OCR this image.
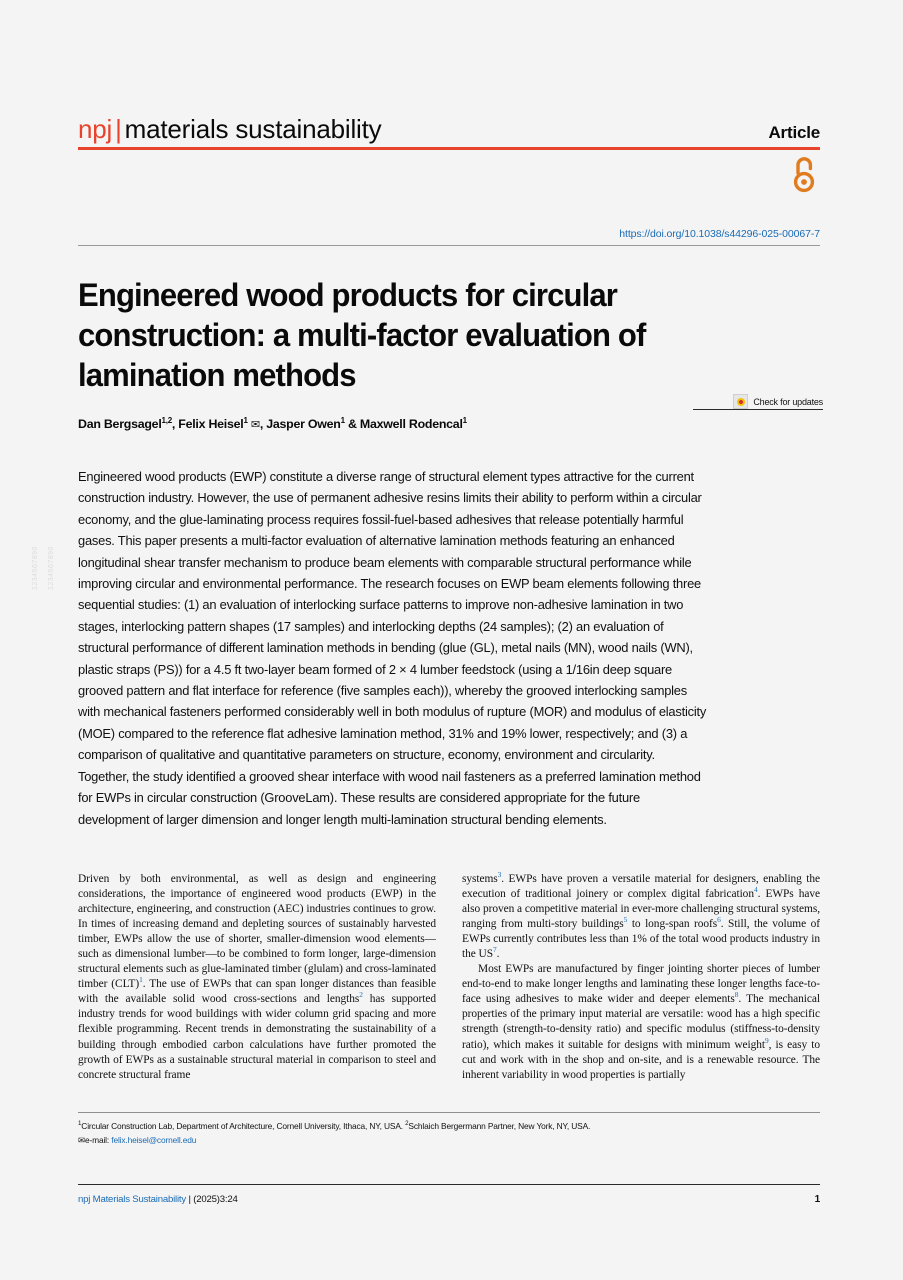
1234567890 1234567890
npj | materials sustainability	Article
https://doi.org/10.1038/s44296-025-00067-7
Engineered wood products for circular construction: a multi-factor evaluation of lamination methods
Check for updates
Dan Bergsagel$^{1,2}$, Felix Heisel$^1$ ✉, Jasper Owen$^1$ & Maxwell Rodencal$^1$
Engineered wood products (EWP) constitute a diverse range of structural element types attractive for the current construction industry. However, the use of permanent adhesive resins limits their ability to perform within a circular economy, and the glue-laminating process requires fossil-fuel-based adhesives that release potentially harmful gases. This paper presents a multi-factor evaluation of alternative lamination methods featuring an enhanced longitudinal shear transfer mechanism to produce beam elements with comparable structural performance while improving circular and environmental performance. The research focuses on EWP beam elements following three sequential studies: (1) an evaluation of interlocking surface patterns to improve non-adhesive lamination in two stages, interlocking pattern shapes (17 samples) and interlocking depths (24 samples); (2) an evaluation of structural performance of different lamination methods in bending (glue (GL), metal nails (MN), wood nails (WN), plastic straps (PS)) for a 4.5 ft two-layer beam formed of 2 × 4 lumber feedstock (using a 1/16in deep square grooved pattern and flat interface for reference (five samples each)), whereby the grooved interlocking samples with mechanical fasteners performed considerably well in both modulus of rupture (MOR) and modulus of elasticity (MOE) compared to the reference flat adhesive lamination method, 31% and 19% lower, respectively; and (3) a comparison of qualitative and quantitative parameters on structure, economy, environment and circularity. Together, the study identified a grooved shear interface with wood nail fasteners as a preferred lamination method for EWPs in circular construction (GrooveLam). These results are considered appropriate for the future development of larger dimension and longer length multi-lamination structural bending elements.

Driven by both environmental, as well as design and engineering considerations, the importance of engineered wood products (EWP) in the architecture, engineering, and construction (AEC) industries continues to grow. In times of increasing demand and depleting sources of sustainably harvested timber, EWPs allow the use of shorter, smaller-dimension wood elements—such as dimensional lumber—to be combined to form longer, large-dimension structural elements such as glue-laminated timber (glulam) and cross-laminated timber (CLT)$^1$. The use of EWPs that can span longer distances than feasible with the available solid wood cross-sections and lengths$^2$ has supported industry trends for wood buildings with wider column grid spacing and more flexible programming. Recent trends in demonstrating the sustainability of a building through embodied carbon calculations have further promoted the growth of EWPs as a sustainable structural material in comparison to steel and concrete structural frame

systems$^3$. EWPs have proven a versatile material for designers, enabling the execution of traditional joinery or complex digital fabrication$^4$. EWPs have also proven a competitive material in ever-more challenging structural systems, ranging from multi-story buildings$^5$ to long-span roofs$^6$. Still, the volume of EWPs currently contributes less than 1% of the total wood products industry in the US$^7$.

Most EWPs are manufactured by finger jointing shorter pieces of lumber end-to-end to make longer lengths and laminating these longer lengths face-to-face using adhesives to make wider and deeper elements$^8$. The mechanical properties of the primary input material are versatile: wood has a high specific strength (strength-to-density ratio) and specific modulus (stiffness-to-density ratio), which makes it suitable for designs with minimum weight$^9$, is easy to cut and work with in the shop and on-site, and is a renewable resource. The inherent variability in wood properties is partially

$^1$Circular Construction Lab, Department of Architecture, Cornell University, Ithaca, NY, USA. $^2$Schlaich Bergermann Partner, New York, NY, USA.
✉e-mail: felix.heisel@cornell.edu
npj Materials Sustainability | (2025)3:24	1
